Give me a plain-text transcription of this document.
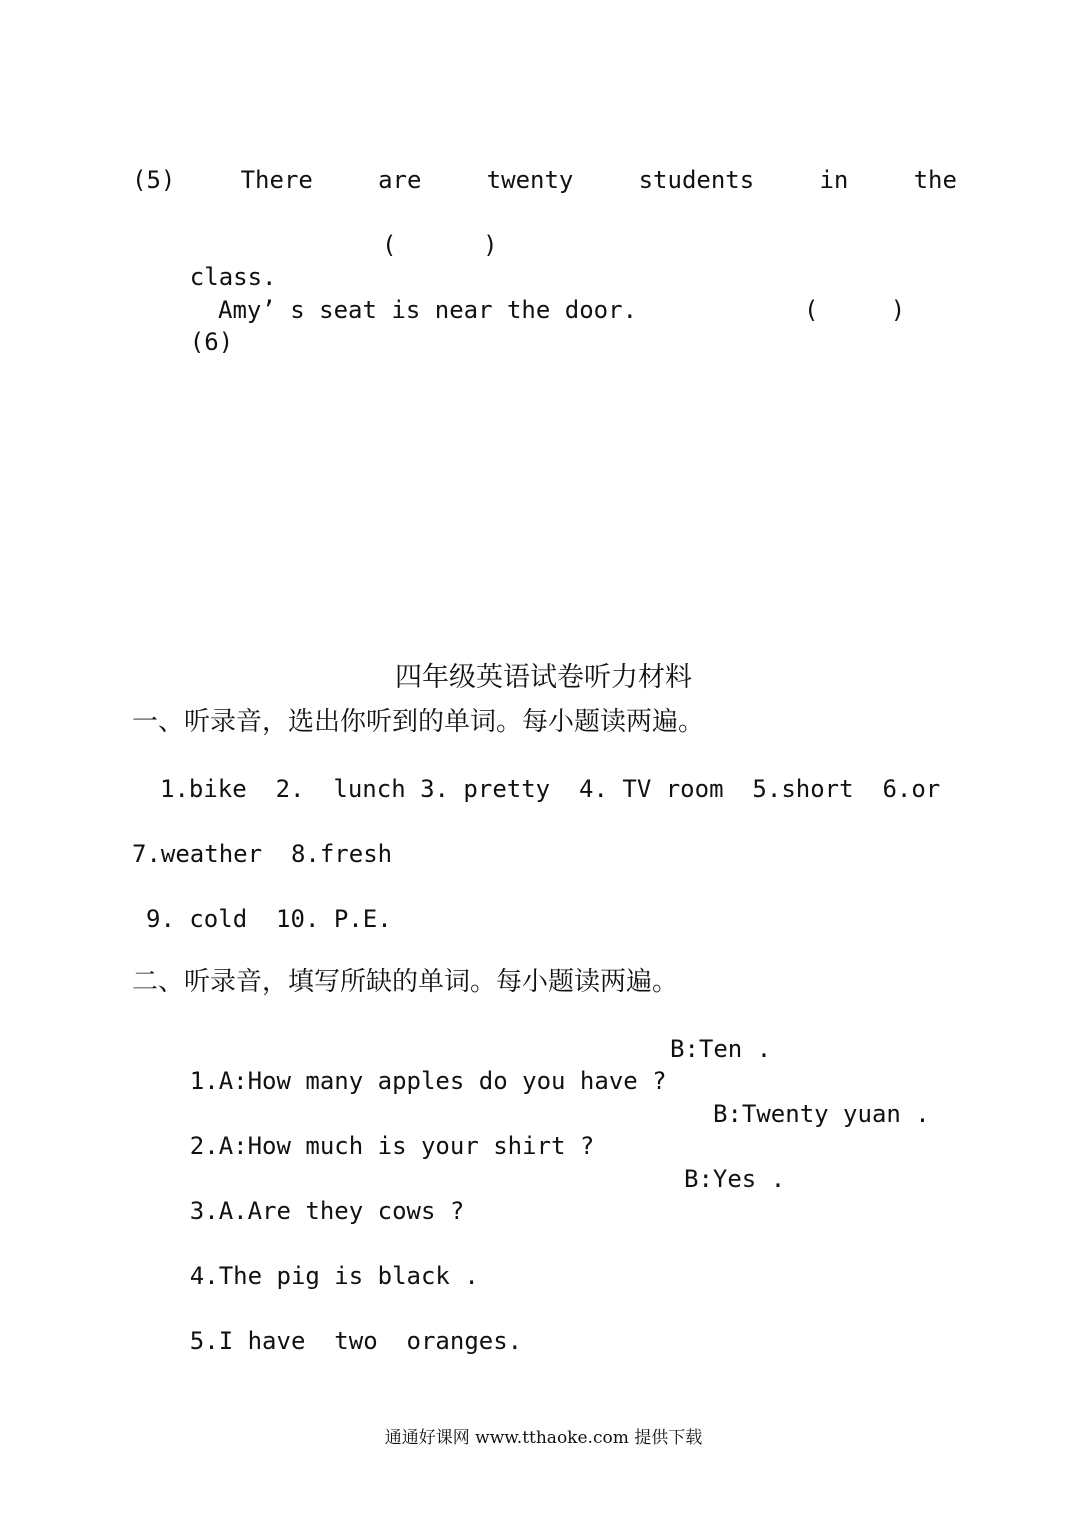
(5)	There	are	twenty	students	in	the

class.

(      )

(6)

Amy’ s seat is near the door.

	(     )

四年级英语试卷听力材料
一、听录音，选出你听到的单词。每小题读两遍。
1.bike  2.  lunch 3. pretty  4. TV room  5.short  6.or
7.weather  8.fresh
9. cold  10. P.E.
二、听录音，填写所缺的单词。每小题读两遍。

1.A:How many apples do you have ?

B:Ten .

2.A:How much is your shirt ?

B:Twenty yuan .

3.A.Are they cows ?

B:Yes .

4.The pig is black .

5.I have  two  oranges.

通通好课网 www.tthaoke.com 提供下载
